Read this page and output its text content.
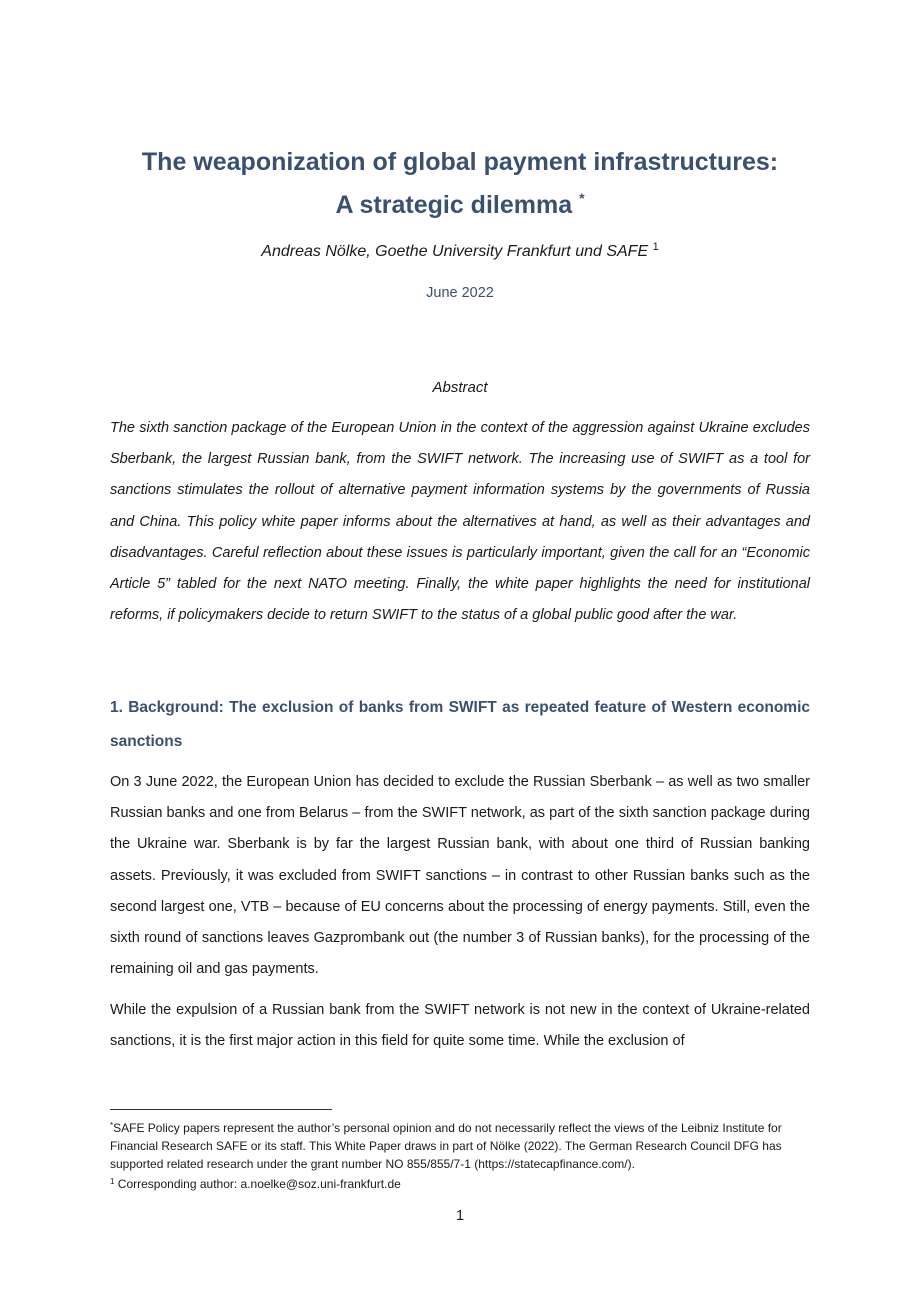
The weaponization of global payment infrastructures:
A strategic dilemma *
Andreas Nölke, Goethe University Frankfurt und SAFE $^1$
June 2022
Abstract

The sixth sanction package of the European Union in the context of the aggression against Ukraine excludes Sberbank, the largest Russian bank, from the SWIFT network. The increasing use of SWIFT as a tool for sanctions stimulates the rollout of alternative payment information systems by the governments of Russia and China. This policy white paper informs about the alternatives at hand, as well as their advantages and disadvantages. Careful reflection about these issues is particularly important, given the call for an “Economic Article 5” tabled for the next NATO meeting. Finally, the white paper highlights the need for institutional reforms, if policymakers decide to return SWIFT to the status of a global public good after the war.

1. Background: The exclusion of banks from SWIFT as repeated feature of Western economic sanctions

On 3 June 2022, the European Union has decided to exclude the Russian Sberbank – as well as two smaller Russian banks and one from Belarus – from the SWIFT network, as part of the sixth sanction package during the Ukraine war. Sberbank is by far the largest Russian bank, with about one third of Russian banking assets. Previously, it was excluded from SWIFT sanctions – in contrast to other Russian banks such as the second largest one, VTB – because of EU concerns about the processing of energy payments. Still, even the sixth round of sanctions leaves Gazprombank out (the number 3 of Russian banks), for the processing of the remaining oil and gas payments.

While the expulsion of a Russian bank from the SWIFT network is not new in the context of Ukraine-related sanctions, it is the first major action in this field for quite some time. While the exclusion of

*SAFE Policy papers represent the author’s personal opinion and do not necessarily reflect the views of the Leibniz Institute for Financial Research SAFE or its staff. This White Paper draws in part of Nölke (2022). The German Research Council DFG has supported related research under the grant number NO 855/855/7-1 (https://statecapfinance.com/).

$^1$ Corresponding author: a.noelke@soz.uni-frankfurt.de

1
